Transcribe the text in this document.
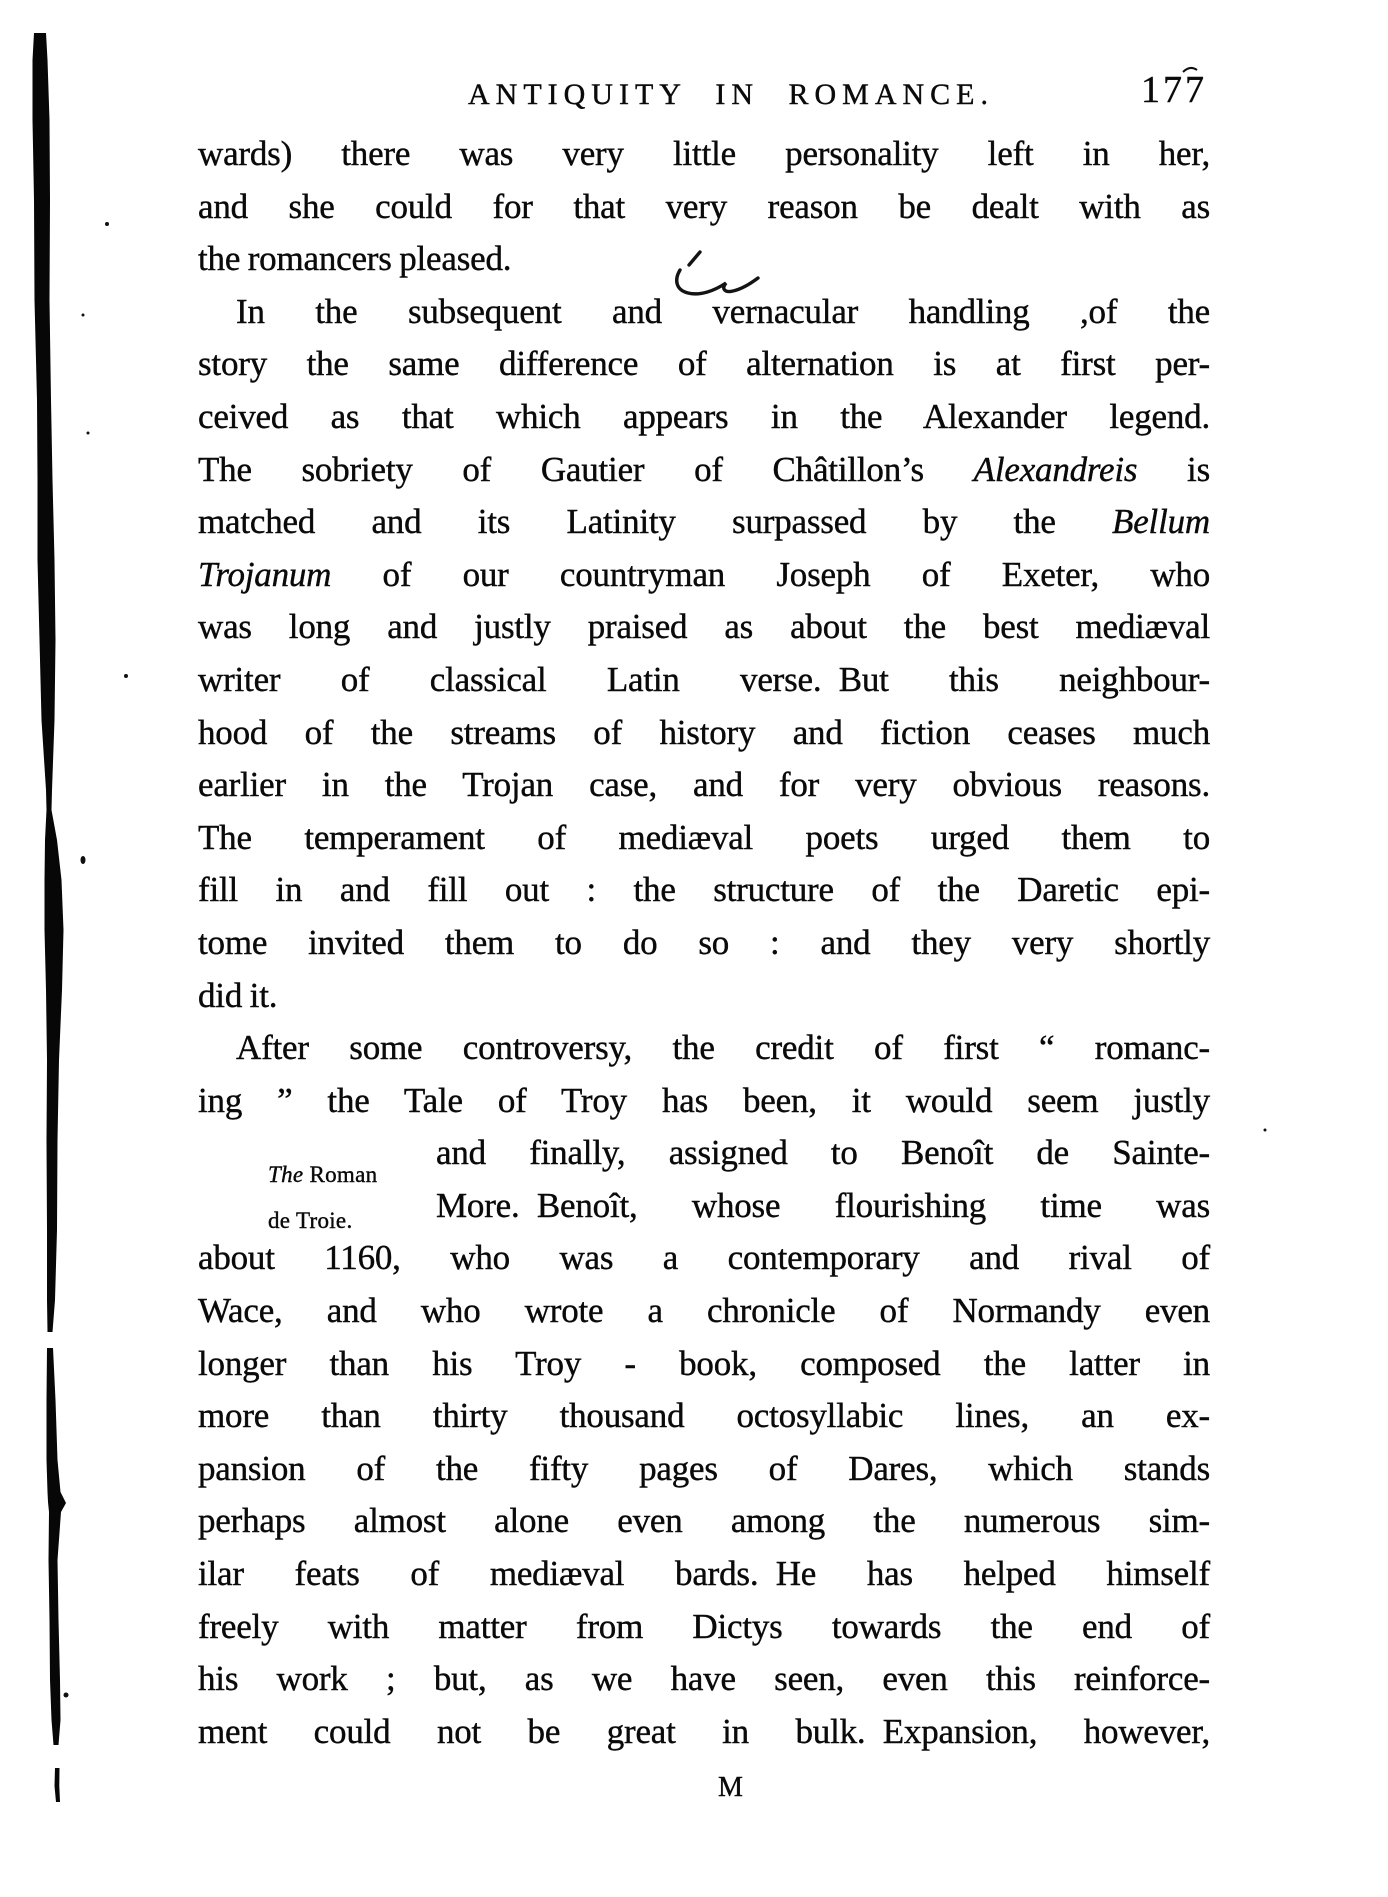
ANTIQUITY IN ROMANCE.	177
wards) there was very little personality left in her,
and she could for that very reason be dealt with as
the romancers pleased.
In the subsequent and vernacular handling ,of the
story the same difference of alternation is at first per-
ceived as that which appears in the Alexander legend.
The sobriety of Gautier of Châtillon’s Alexandreis is
matched and its Latinity surpassed by the Bellum
Trojanum of our countryman Joseph of Exeter, who
was long and justly praised as about the best mediæval
writer of classical Latin verse. But this neighbour-
hood of the streams of history and fiction ceases much
earlier in the Trojan case, and for very obvious reasons.
The temperament of mediæval poets urged them to
fill in and fill out : the structure of the Daretic epi-
tome invited them to do so : and they very shortly
did it.
After some controversy, the credit of first “ romanc-
ing ” the Tale of Troy has been, it would seem justly
and finally, assigned to Benoît de Sainte-
More. Benoît, whose flourishing time was
about 1160, who was a contemporary and rival of
Wace, and who wrote a chronicle of Normandy even
longer than his Troy - book, composed the latter in
more than thirty thousand octosyllabic lines, an ex-
pansion of the fifty pages of Dares, which stands
perhaps almost alone even among the numerous sim-
ilar feats of mediæval bards. He has helped himself
freely with matter from Dictys towards the end of
his work ; but, as we have seen, even this reinforce-
ment could not be great in bulk. Expansion, however,
The Roman
de Troie.
M
